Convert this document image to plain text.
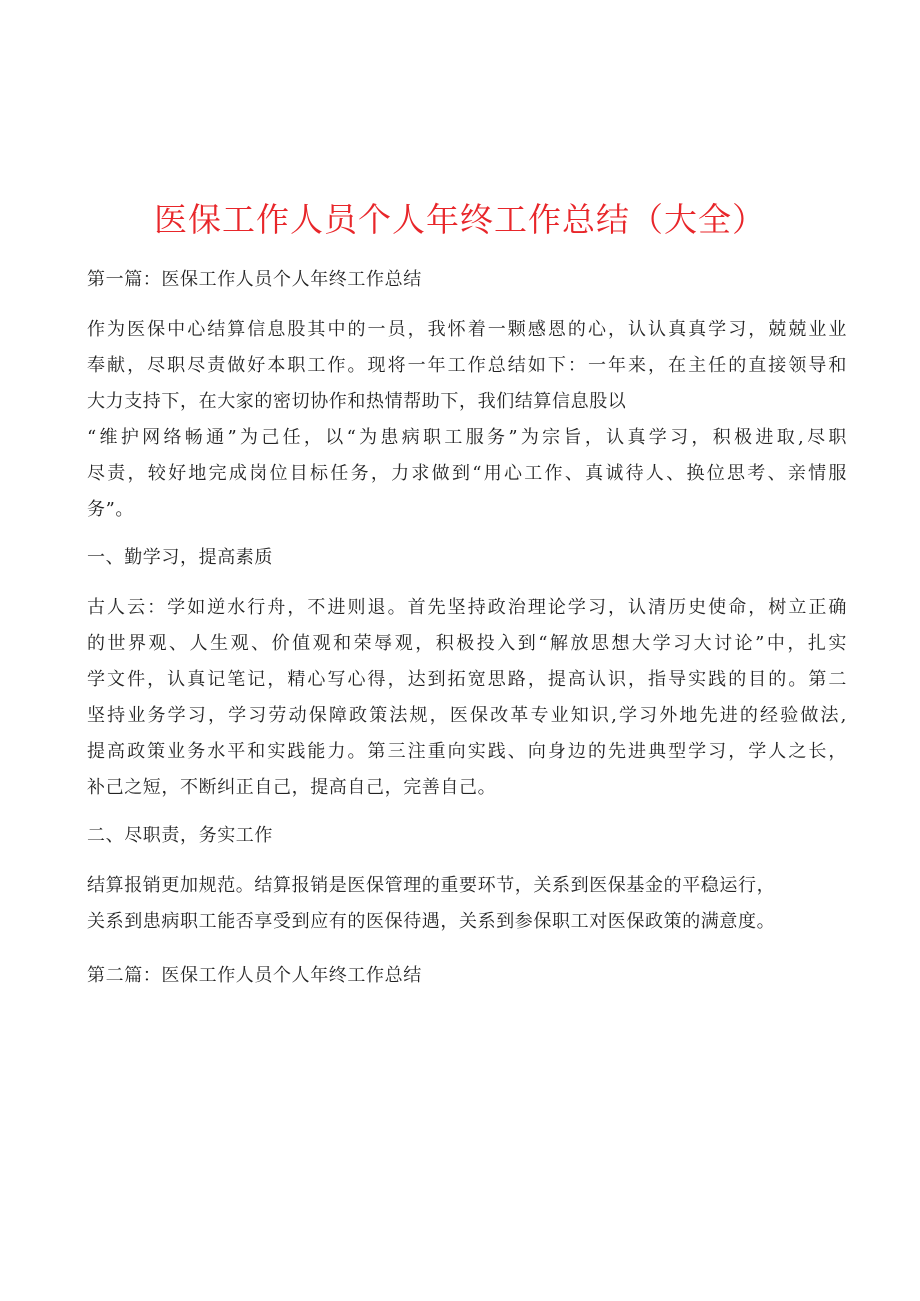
医保工作人员个人年终工作总结（大全）
第一篇：医保工作人员个人年终工作总结
作为医保中心结算信息股其中的一员，我怀着一颗感恩的心，认认真真学习，兢兢业业
奉献，尽职尽责做好本职工作。现将一年工作总结如下：一年来，在主任的直接领导和
大力支持下，在大家的密切协作和热情帮助下，我们结算信息股以
“维护网络畅通”为己任，以“为患病职工服务”为宗旨，认真学习，积极进取,尽职
尽责，较好地完成岗位目标任务，力求做到“用心工作、真诚待人、换位思考、亲情服
务”。
一、勤学习，提高素质
古人云：学如逆水行舟，不进则退。首先坚持政治理论学习，认清历史使命，树立正确
的世界观、人生观、价值观和荣辱观，积极投入到“解放思想大学习大讨论”中，扎实
学文件，认真记笔记，精心写心得，达到拓宽思路，提高认识，指导实践的目的。第二
坚持业务学习，学习劳动保障政策法规，医保改革专业知识,学习外地先进的经验做法,
提高政策业务水平和实践能力。第三注重向实践、向身边的先进典型学习，学人之长，
补己之短，不断纠正自己，提高自己，完善自己。
二、尽职责，务实工作
结算报销更加规范。结算报销是医保管理的重要环节，关系到医保基金的平稳运行，
关系到患病职工能否享受到应有的医保待遇，关系到参保职工对医保政策的满意度。
第二篇：医保工作人员个人年终工作总结
